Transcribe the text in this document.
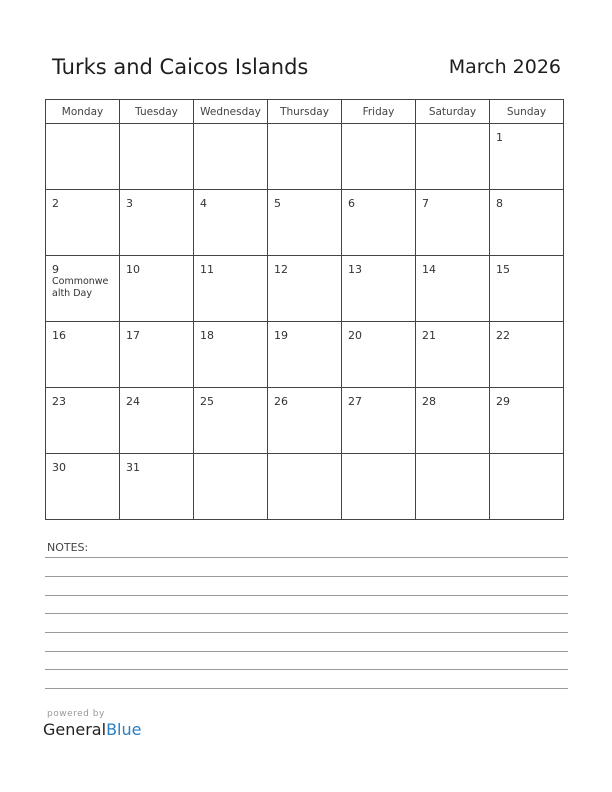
Turks and Caicos Islands	March 2026
Monday	Tuesday	Wednesday	Thursday	Friday	Saturday	Sunday

						1

2	3	4	5	6	7	8

9
Commonwealth Day	10	11	12	13	14	15

16	17	18	19	20	21	22

23	24	25	26	27	28	29

30	31					

NOTES:
powered by
GeneralBlue
